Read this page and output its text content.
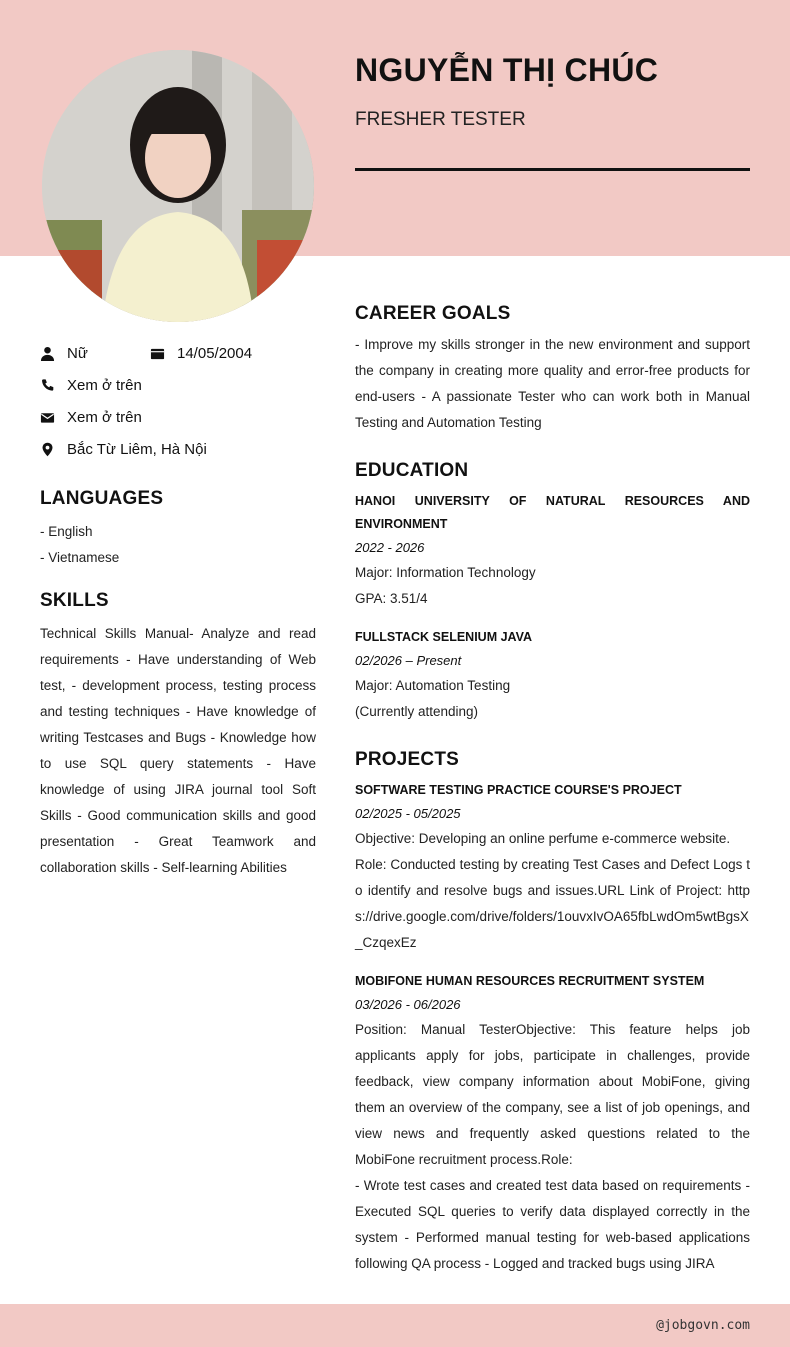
NGUYỄN THỊ CHÚC
FRESHER TESTER
Nữ	14/05/2004
Xem ở trên
Xem ở trên
Bắc Từ Liêm, Hà Nội
LANGUAGES
- English
- Vietnamese
SKILLS
Technical Skills Manual- Analyze and read requirements - Have understanding of Web test, - development process, testing process and testing techniques - Have knowledge of writing Testcases and Bugs - Knowledge how to use SQL query statements - Have knowledge of using JIRA journal tool Soft Skills - Good communication skills and good presentation - Great Teamwork and collaboration skills - Self-learning Abilities
CAREER GOALS
- Improve my skills stronger in the new environment and support the company in creating more quality and error-free products for end-users - A passionate Tester who can work both in Manual Testing and Automation Testing
EDUCATION
HANOI UNIVERSITY OF NATURAL RESOURCES AND ENVIRONMENT
2022 - 2026
Major: Information Technology
GPA: 3.51/4
FULLSTACK SELENIUM JAVA
02/2026 – Present
Major: Automation Testing
(Currently attending)
PROJECTS
SOFTWARE TESTING PRACTICE COURSE'S PROJECT
02/2025 - 05/2025
Objective: Developing an online perfume e-commerce website.
Role: Conducted testing by creating Test Cases and Defect Logs to identify and resolve bugs and issues.URL Link of Project: https://drive.google.com/drive/folders/1ouvxIvOA65fbLwdOm5wtBgsX_CzqexEz
MOBIFONE HUMAN RESOURCES RECRUITMENT SYSTEM
03/2026 - 06/2026
Position: Manual TesterObjective: This feature helps job applicants apply for jobs, participate in challenges, provide feedback, view company information about MobiFone, giving them an overview of the company, see a list of job openings, and view news and frequently asked questions related to the MobiFone recruitment process.Role:
- Wrote test cases and created test data based on requirements - Executed SQL queries to verify data displayed correctly in the system - Performed manual testing for web-based applications following QA process - Logged and tracked bugs using JIRA
@jobgovn.com
